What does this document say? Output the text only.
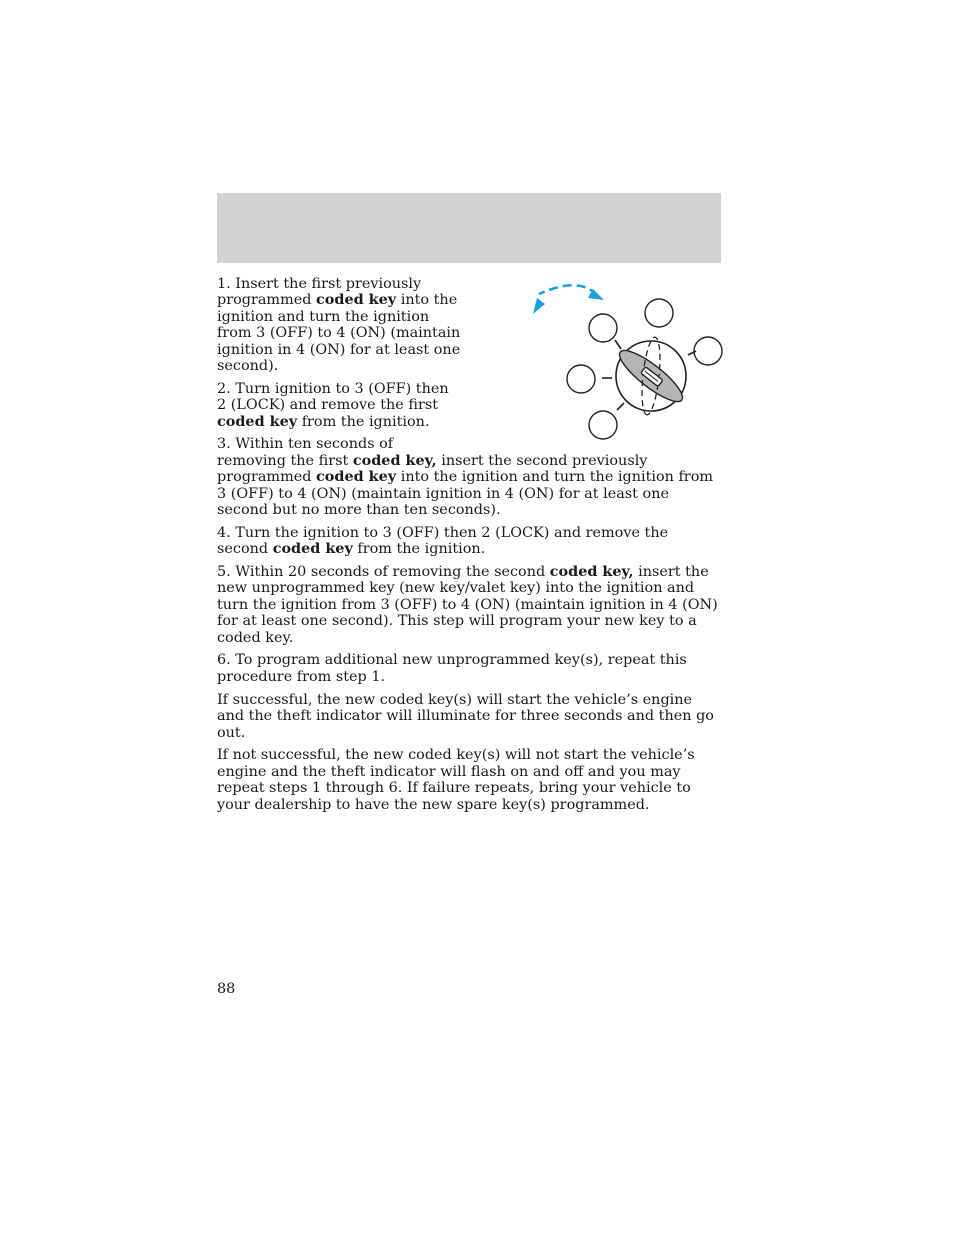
1. Insert the first previously programmed coded key into the ignition and turn the ignition from 3 (OFF) to 4 (ON) (maintain ignition in 4 (ON) for at least one second).

2. Turn ignition to 3 (OFF) then 2 (LOCK) and remove the first coded key from the ignition.

3. Within ten seconds of removing the first coded key, insert the second previously programmed coded key into the ignition and turn the ignition from 3 (OFF) to 4 (ON) (maintain ignition in 4 (ON) for at least one second but no more than ten seconds).

4. Turn the ignition to 3 (OFF) then 2 (LOCK) and remove the second coded key from the ignition.

5. Within 20 seconds of removing the second coded key, insert the new unprogrammed key (new key/valet key) into the ignition and turn the ignition from 3 (OFF) to 4 (ON) (maintain ignition in 4 (ON) for at least one second). This step will program your new key to a coded key.

6. To program additional new unprogrammed key(s), repeat this procedure from step 1.

If successful, the new coded key(s) will start the vehicle’s engine and the theft indicator will illuminate for three seconds and then go out.

If not successful, the new coded key(s) will not start the vehicle’s engine and the theft indicator will flash on and off and you may repeat steps 1 through 6. If failure repeats, bring your vehicle to your dealership to have the new spare key(s) programmed.

88
